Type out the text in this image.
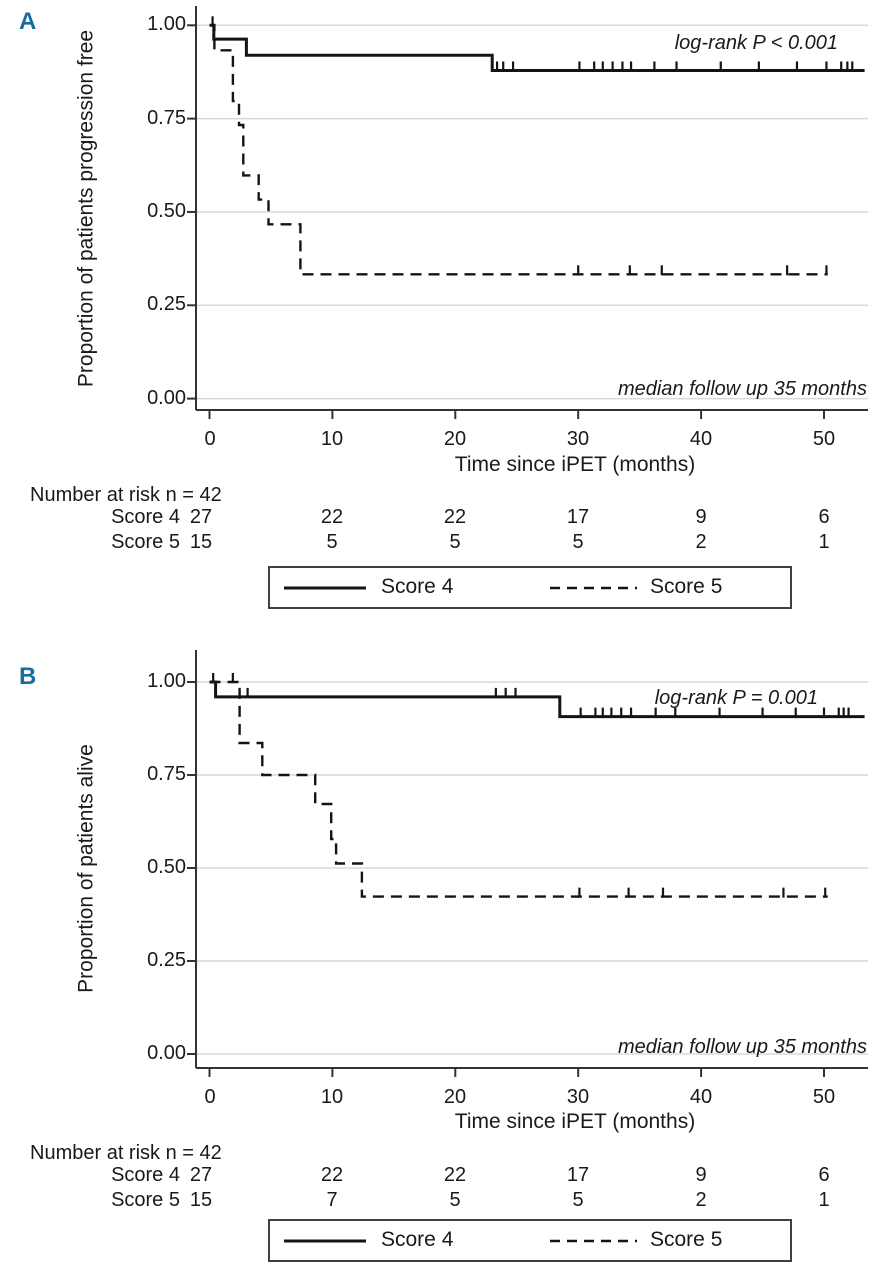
A
Proportion of patients progression free
1.00
0.75
0.50
0.25
0.00
log-rank P < 0.001
median follow up 35 months
0	10	20	30	40	50
Time since iPET (months)
Number at risk n = 42
Score 4 27	22	22	17	9	6
Score 5 15	5	5	5	2	1
Score 4	Score 5
B
Proportion of patients alive
1.00
0.75
0.50
0.25
0.00
log-rank P = 0.001
median follow up 35 months
0	10	20	30	40	50
Time since iPET (months)
Number at risk n = 42
Score 4 27	22	22	17	9	6
Score 5 15	7	5	5	2	1
Score 4	Score 5
